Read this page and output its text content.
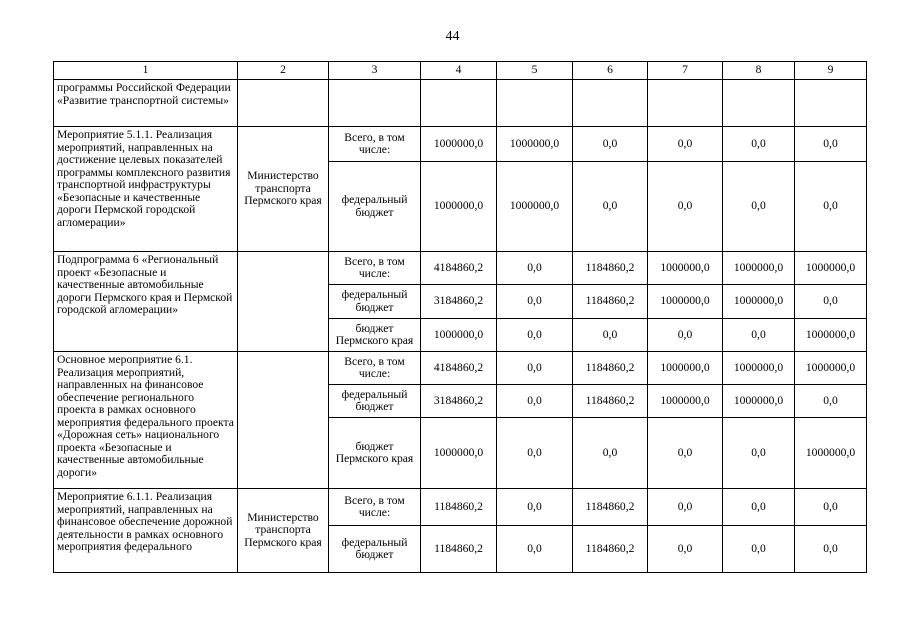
44
1	2	3	4	5	6	7	8	9
программы Российской Федерации «Развитие транспортной системы»								
Мероприятие 5.1.1. Реализация мероприятий, направленных на достижение целевых показателей программы комплексного развития транспортной инфраструктуры «Безопасные и качественные дороги Пермской городской агломерации»	Министерство транспорта Пермского края	Всего, в том числе:	1000000,0	1000000,0	0,0	0,0	0,0	0,0
		федеральный бюджет	1000000,0	1000000,0	0,0	0,0	0,0	0,0
Подпрограмма 6 «Региональный проект «Безопасные и качественные автомобильные дороги Пермского края и Пермской городской агломерации»		Всего, в том числе:	4184860,2	0,0	1184860,2	1000000,0	1000000,0	1000000,0
		федеральный бюджет	3184860,2	0,0	1184860,2	1000000,0	1000000,0	0,0
		бюджет Пермского края	1000000,0	0,0	0,0	0,0	0,0	1000000,0
Основное мероприятие 6.1. Реализация мероприятий, направленных на финансовое обеспечение регионального проекта в рамках основного мероприятия федерального проекта «Дорожная сеть» национального проекта «Безопасные и качественные автомобильные дороги»		Всего, в том числе:	4184860,2	0,0	1184860,2	1000000,0	1000000,0	1000000,0
		федеральный бюджет	3184860,2	0,0	1184860,2	1000000,0	1000000,0	0,0
		бюджет Пермского края	1000000,0	0,0	0,0	0,0	0,0	1000000,0
Мероприятие 6.1.1. Реализация мероприятий, направленных на финансовое обеспечение дорожной деятельности в рамках основного мероприятия федерального	Министерство транспорта Пермского края	Всего, в том числе:	1184860,2	0,0	1184860,2	0,0	0,0	0,0
		федеральный бюджет	1184860,2	0,0	1184860,2	0,0	0,0	0,0
